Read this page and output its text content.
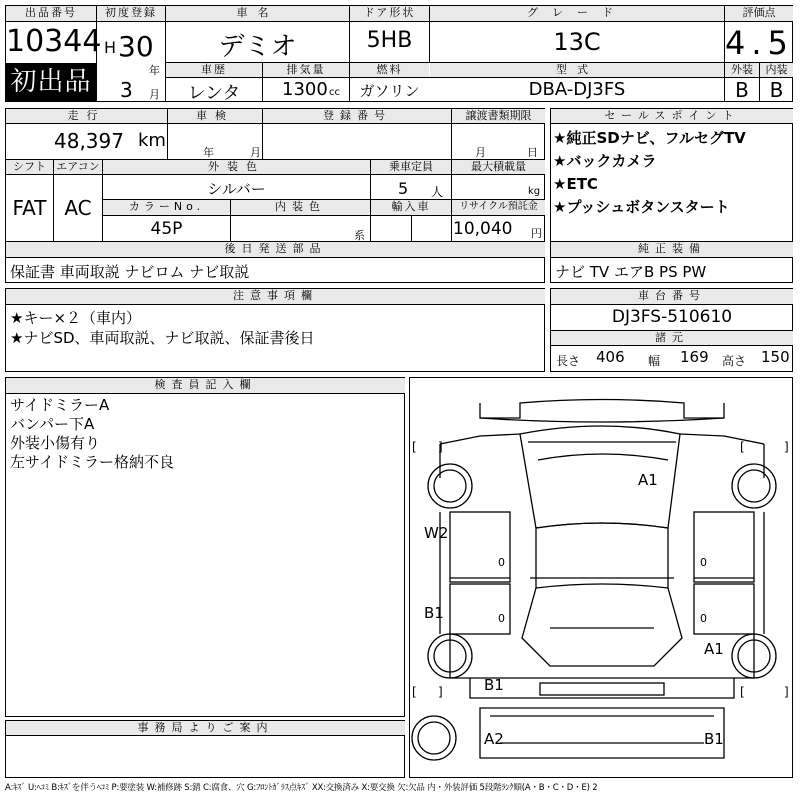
出品番号
10344
初出品
初度登録
H 30
年
3 月
車名
デミオ
ドア形状
5HB
グレード
13C
評価点
4.5
車歴
レンタ
排気量
1300 cc
燃料
ガソリン
型式
DBA-DJ3FS
外装	内装
B	B
走行
48,397 km
車検
年	月
登録番号	譲渡書類期限
月	日
シフト
FAT
エアコン
AC
外装色
シルバー
乗車定員
5 人
最大積載量
kg
カラーNo.
45P
内装色
系
輸入車	リサイクル預託金
10,040 円
後日発送部品
保証書 車両取説 ナビロム ナビ取説
セールスポイント
★純正SDナビ、フルセグTV
★バックカメラ
★ETC
★プッシュボタンスタート
純正装備
ナビ TV エアB PS PW
注意事項欄
★キー×２（車内）
★ナビSD、車両取説、ナビ取説、保証書後日
車台番号
DJ3FS-510610
諸元
長さ 406 幅 169 高さ 150
検査員記入欄
サイドミラーA
バンパー下A
外装小傷有り
左サイドミラー格納不良
事務局よりご案内
[ ]	[	]
[ ]	[	]
0
0
0
0
A1
W2
B1
A1
B1
A2	B1
A:ｷｽﾞ U:ﾍｺﾐ B:ｷｽﾞを伴うﾍｺﾐ P:要塗装 W:補修跡 S:錆 C:腐食、穴 G:ﾌﾛﾝﾄｶﾞﾗｽ点ｷｽﾞ XX:交換済み X:要交換 欠:欠品 内・外装評価 5段階ﾗﾝｸ順(A・B・C・D・E) 2
